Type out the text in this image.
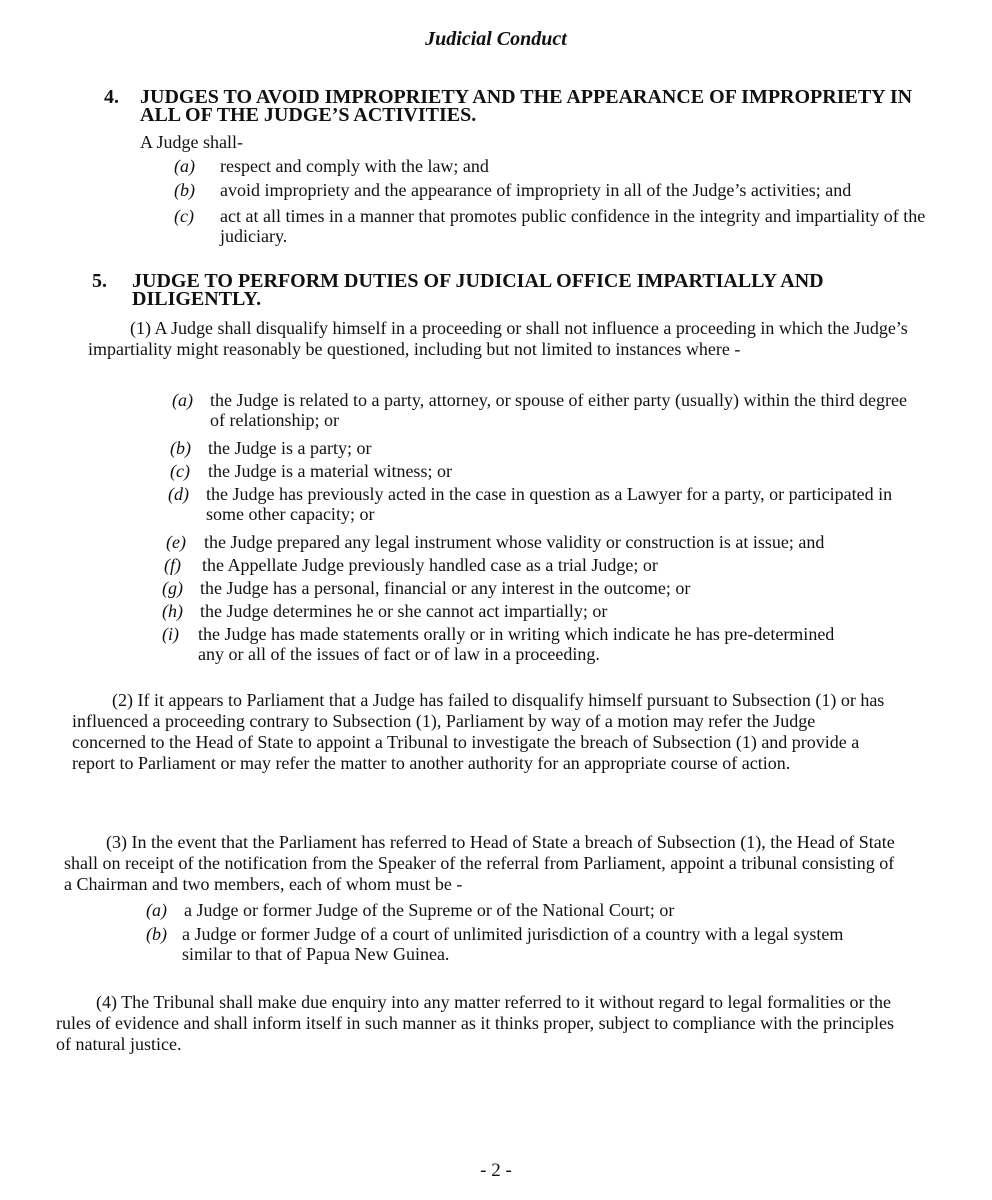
Judicial Conduct
4. JUDGES TO AVOID IMPROPRIETY AND THE APPEARANCE OF IMPROPRIETY IN ALL OF THE JUDGE’S ACTIVITIES.
A Judge shall-
(a) respect and comply with the law; and
(b) avoid impropriety and the appearance of impropriety in all of the Judge’s activities; and
(c) act at all times in a manner that promotes public confidence in the integrity and impartiality of the judiciary.
5. JUDGE TO PERFORM DUTIES OF JUDICIAL OFFICE IMPARTIALLY AND DILIGENTLY.
(1) A Judge shall disqualify himself in a proceeding or shall not influence a proceeding in which the Judge’s impartiality might reasonably be questioned, including but not limited to instances where -
(a) the Judge is related to a party, attorney, or spouse of either party (usually) within the third degree of relationship; or
(b) the Judge is a party; or
(c) the Judge is a material witness; or
(d) the Judge has previously acted in the case in question as a Lawyer for a party, or participated in some other capacity; or
(e) the Judge prepared any legal instrument whose validity or construction is at issue; and
(f) the Appellate Judge previously handled case as a trial Judge; or
(g) the Judge has a personal, financial or any interest in the outcome; or
(h) the Judge determines he or she cannot act impartially; or
(i) the Judge has made statements orally or in writing which indicate he has pre-determined any or all of the issues of fact or of law in a proceeding.
(2) If it appears to Parliament that a Judge has failed to disqualify himself pursuant to Subsection (1) or has influenced a proceeding contrary to Subsection (1), Parliament by way of a motion may refer the Judge concerned to the Head of State to appoint a Tribunal to investigate the breach of Subsection (1) and provide a report to Parliament or may refer the matter to another authority for an appropriate course of action.
(3) In the event that the Parliament has referred to Head of State a breach of Subsection (1), the Head of State shall on receipt of the notification from the Speaker of the referral from Parliament, appoint a tribunal consisting of a Chairman and two members, each of whom must be -
(a) a Judge or former Judge of the Supreme or of the National Court; or
(b) a Judge or former Judge of a court of unlimited jurisdiction of a country with a legal system similar to that of Papua New Guinea.
(4) The Tribunal shall make due enquiry into any matter referred to it without regard to legal formalities or the rules of evidence and shall inform itself in such manner as it thinks proper, subject to compliance with the principles of natural justice.
- 2 -
